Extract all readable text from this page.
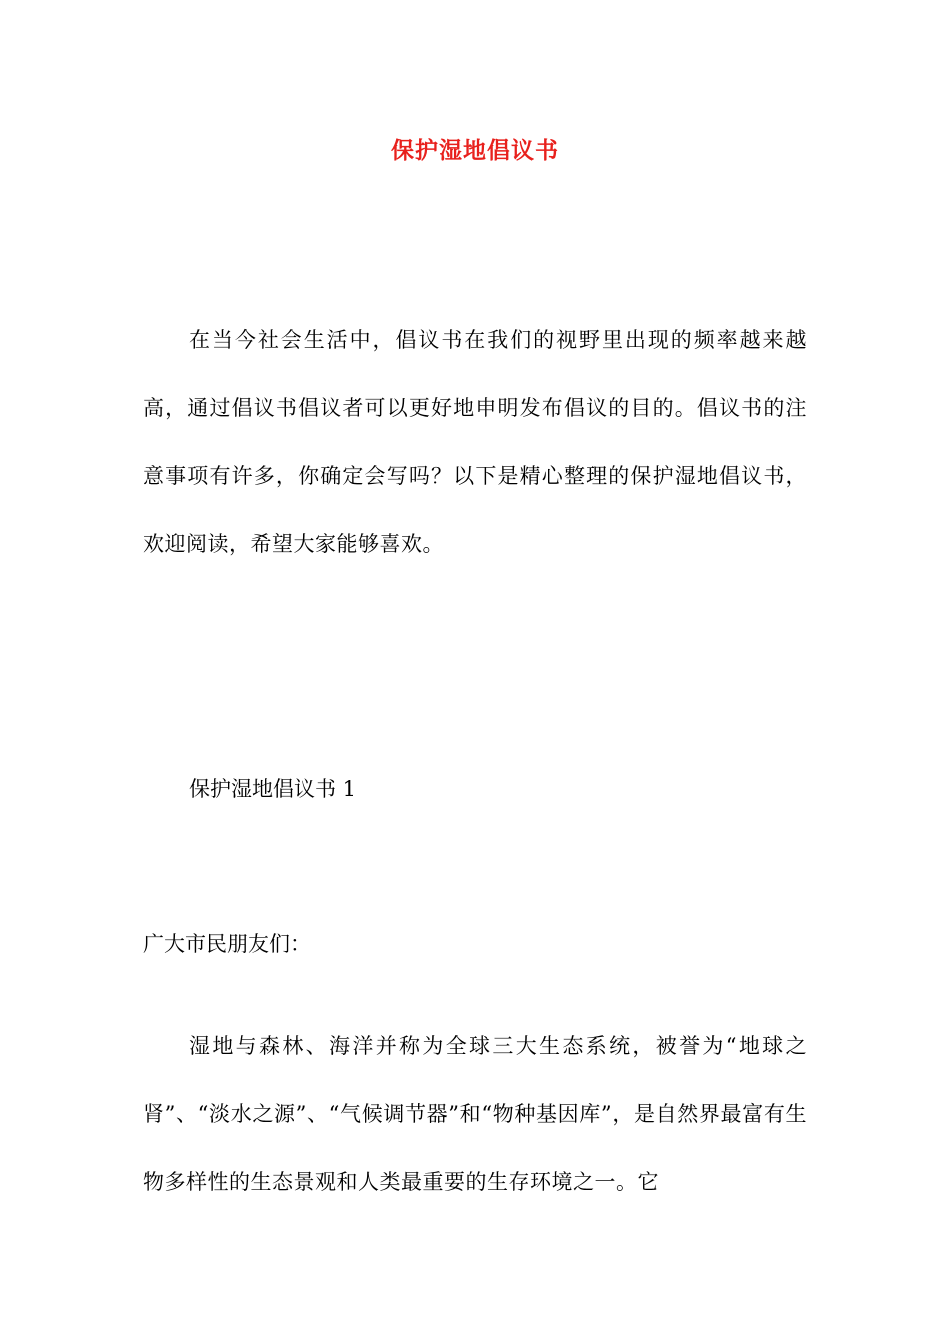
保护湿地倡议书

在当今社会生活中，倡议书在我们的视野里出现的频率越来越高，通过倡议书倡议者可以更好地申明发布倡议的目的。倡议书的注意事项有许多，你确定会写吗？以下是精心整理的保护湿地倡议书，欢迎阅读，希望大家能够喜欢。

保护湿地倡议书 1

广大市民朋友们：

湿地与森林、海洋并称为全球三大生态系统，被誉为“地球之肾”、“淡水之源”、“气候调节器”和“物种基因库”，是自然界最富有生物多样性的生态景观和人类最重要的生存环境之一。它
